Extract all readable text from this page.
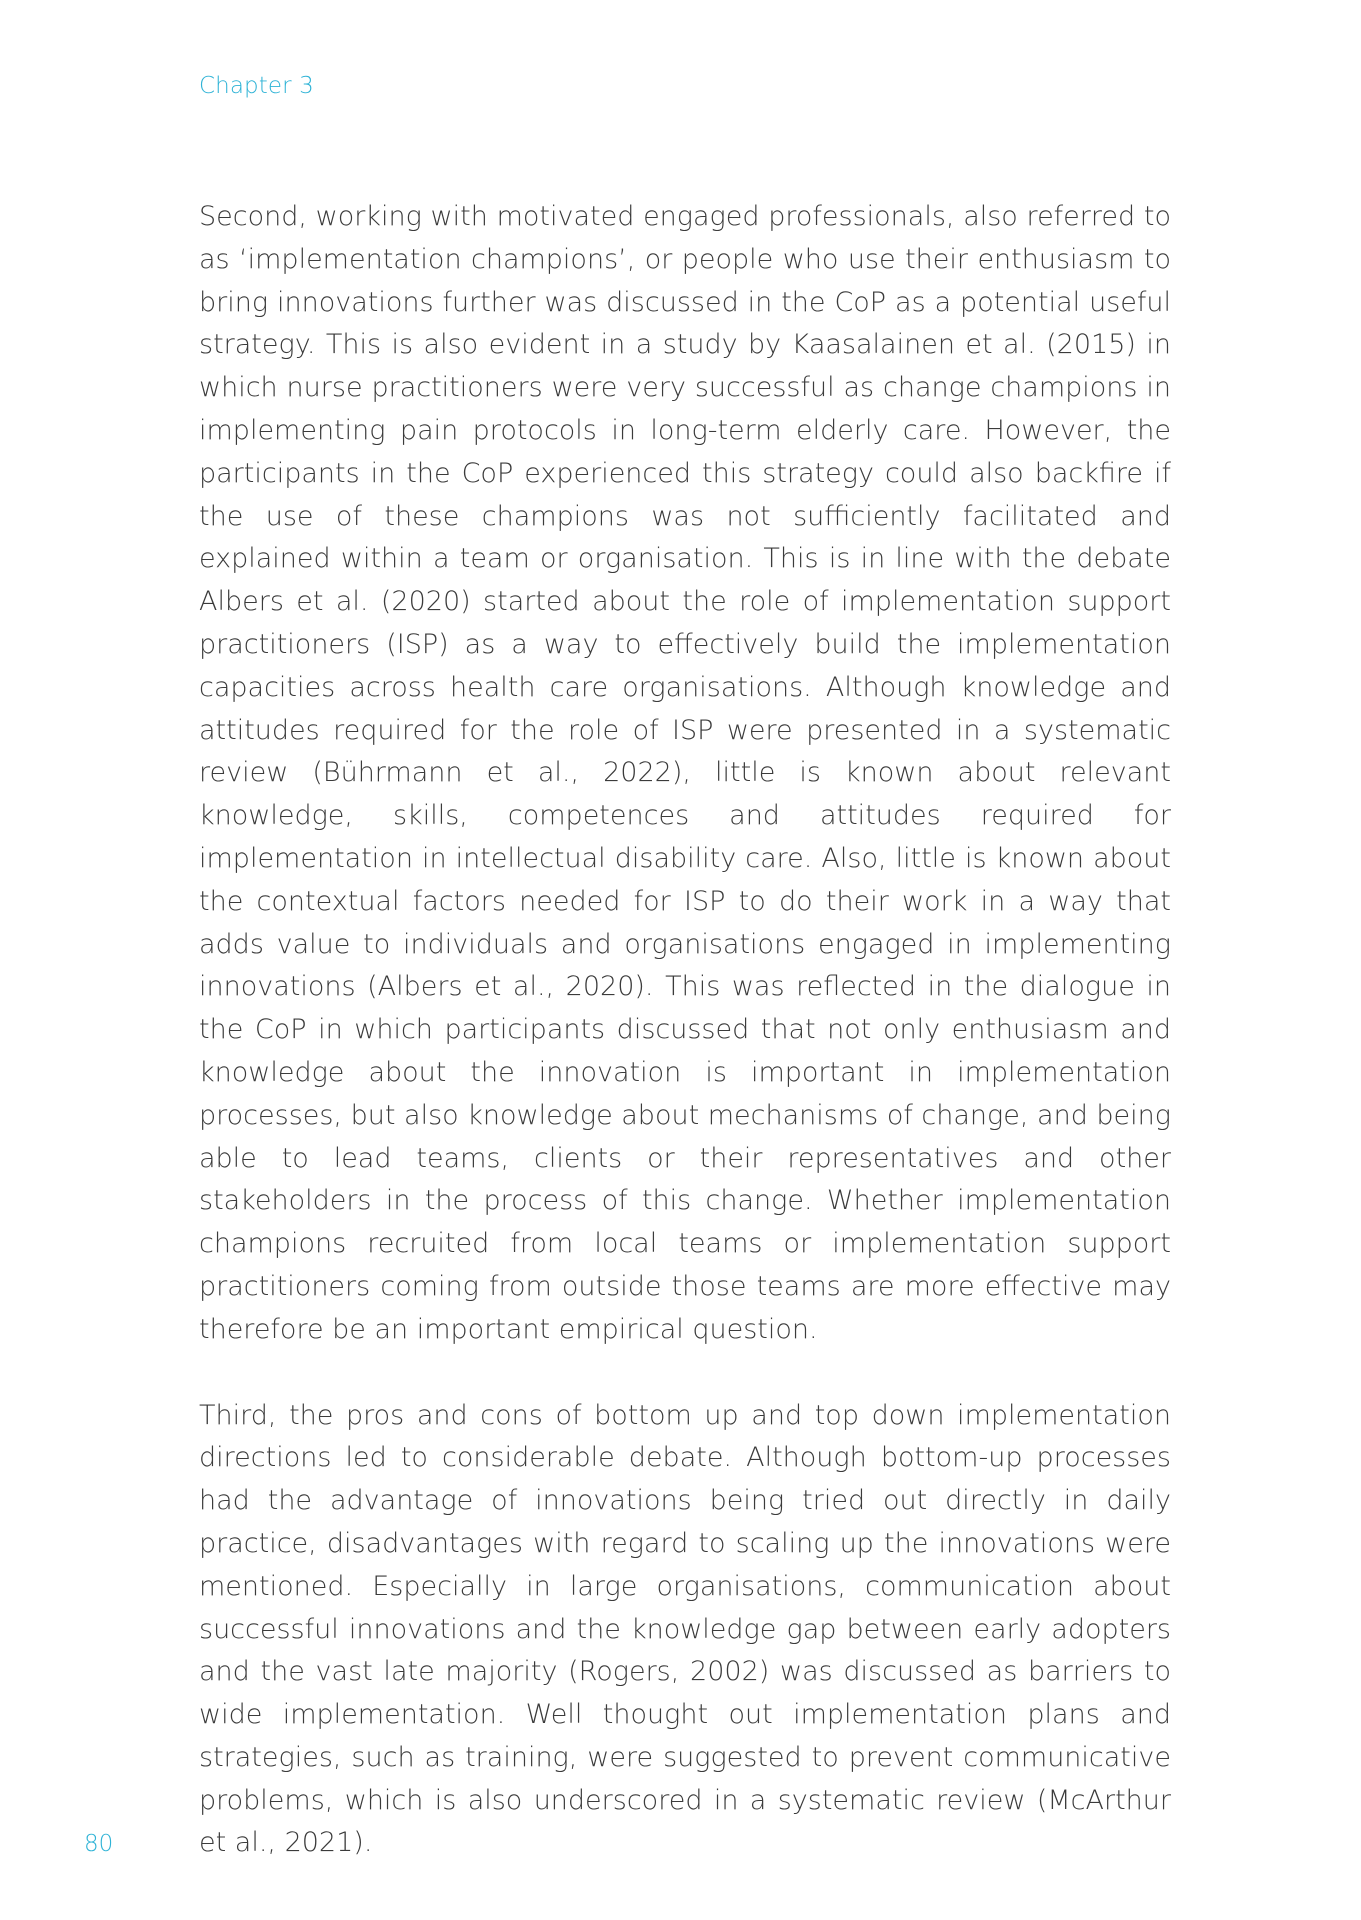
Chapter 3

Second, working with motivated engaged professionals, also referred to as ‘implementation champions’, or people who use their enthusiasm to bring innovations further was discussed in the CoP as a potential useful strategy. This is also evident in a study by Kaasalainen et al. (2015) in which nurse practitioners were very successful as change champions in implementing pain protocols in long-term elderly care. However, the participants in the CoP experienced this strategy could also backfire if the use of these champions was not sufficiently facilitated and explained within a team or organisation. This is in line with the debate Albers et al. (2020) started about the role of implementation support practitioners (ISP) as a way to effectively build the implementation capacities across health care organisations. Although knowledge and attitudes required for the role of ISP were presented in a systematic review (Bührmann et al., 2022), little is known about relevant knowledge, skills, competences and attitudes required for implementation in intellectual disability care. Also, little is known about the contextual factors needed for ISP to do their work in a way that adds value to individuals and organisations engaged in implementing innovations (Albers et al., 2020). This was reflected in the dialogue in the CoP in which participants discussed that not only enthusiasm and knowledge about the innovation is important in implementation processes, but also knowledge about mechanisms of change, and being able to lead teams, clients or their representatives and other stakeholders in the process of this change. Whether implementation champions recruited from local teams or implementation support practitioners coming from outside those teams are more effective may therefore be an important empirical question.

Third, the pros and cons of bottom up and top down implementation directions led to considerable debate. Although bottom-up processes had the advantage of innovations being tried out directly in daily practice, disadvantages with regard to scaling up the innovations were mentioned. Especially in large organisations, communication about successful innovations and the knowledge gap between early adopters and the vast late majority (Rogers, 2002) was discussed as barriers to wide implementation. Well thought out implementation plans and strategies, such as training, were suggested to prevent communicative problems, which is also underscored in a systematic review (McArthur et al., 2021).

80
